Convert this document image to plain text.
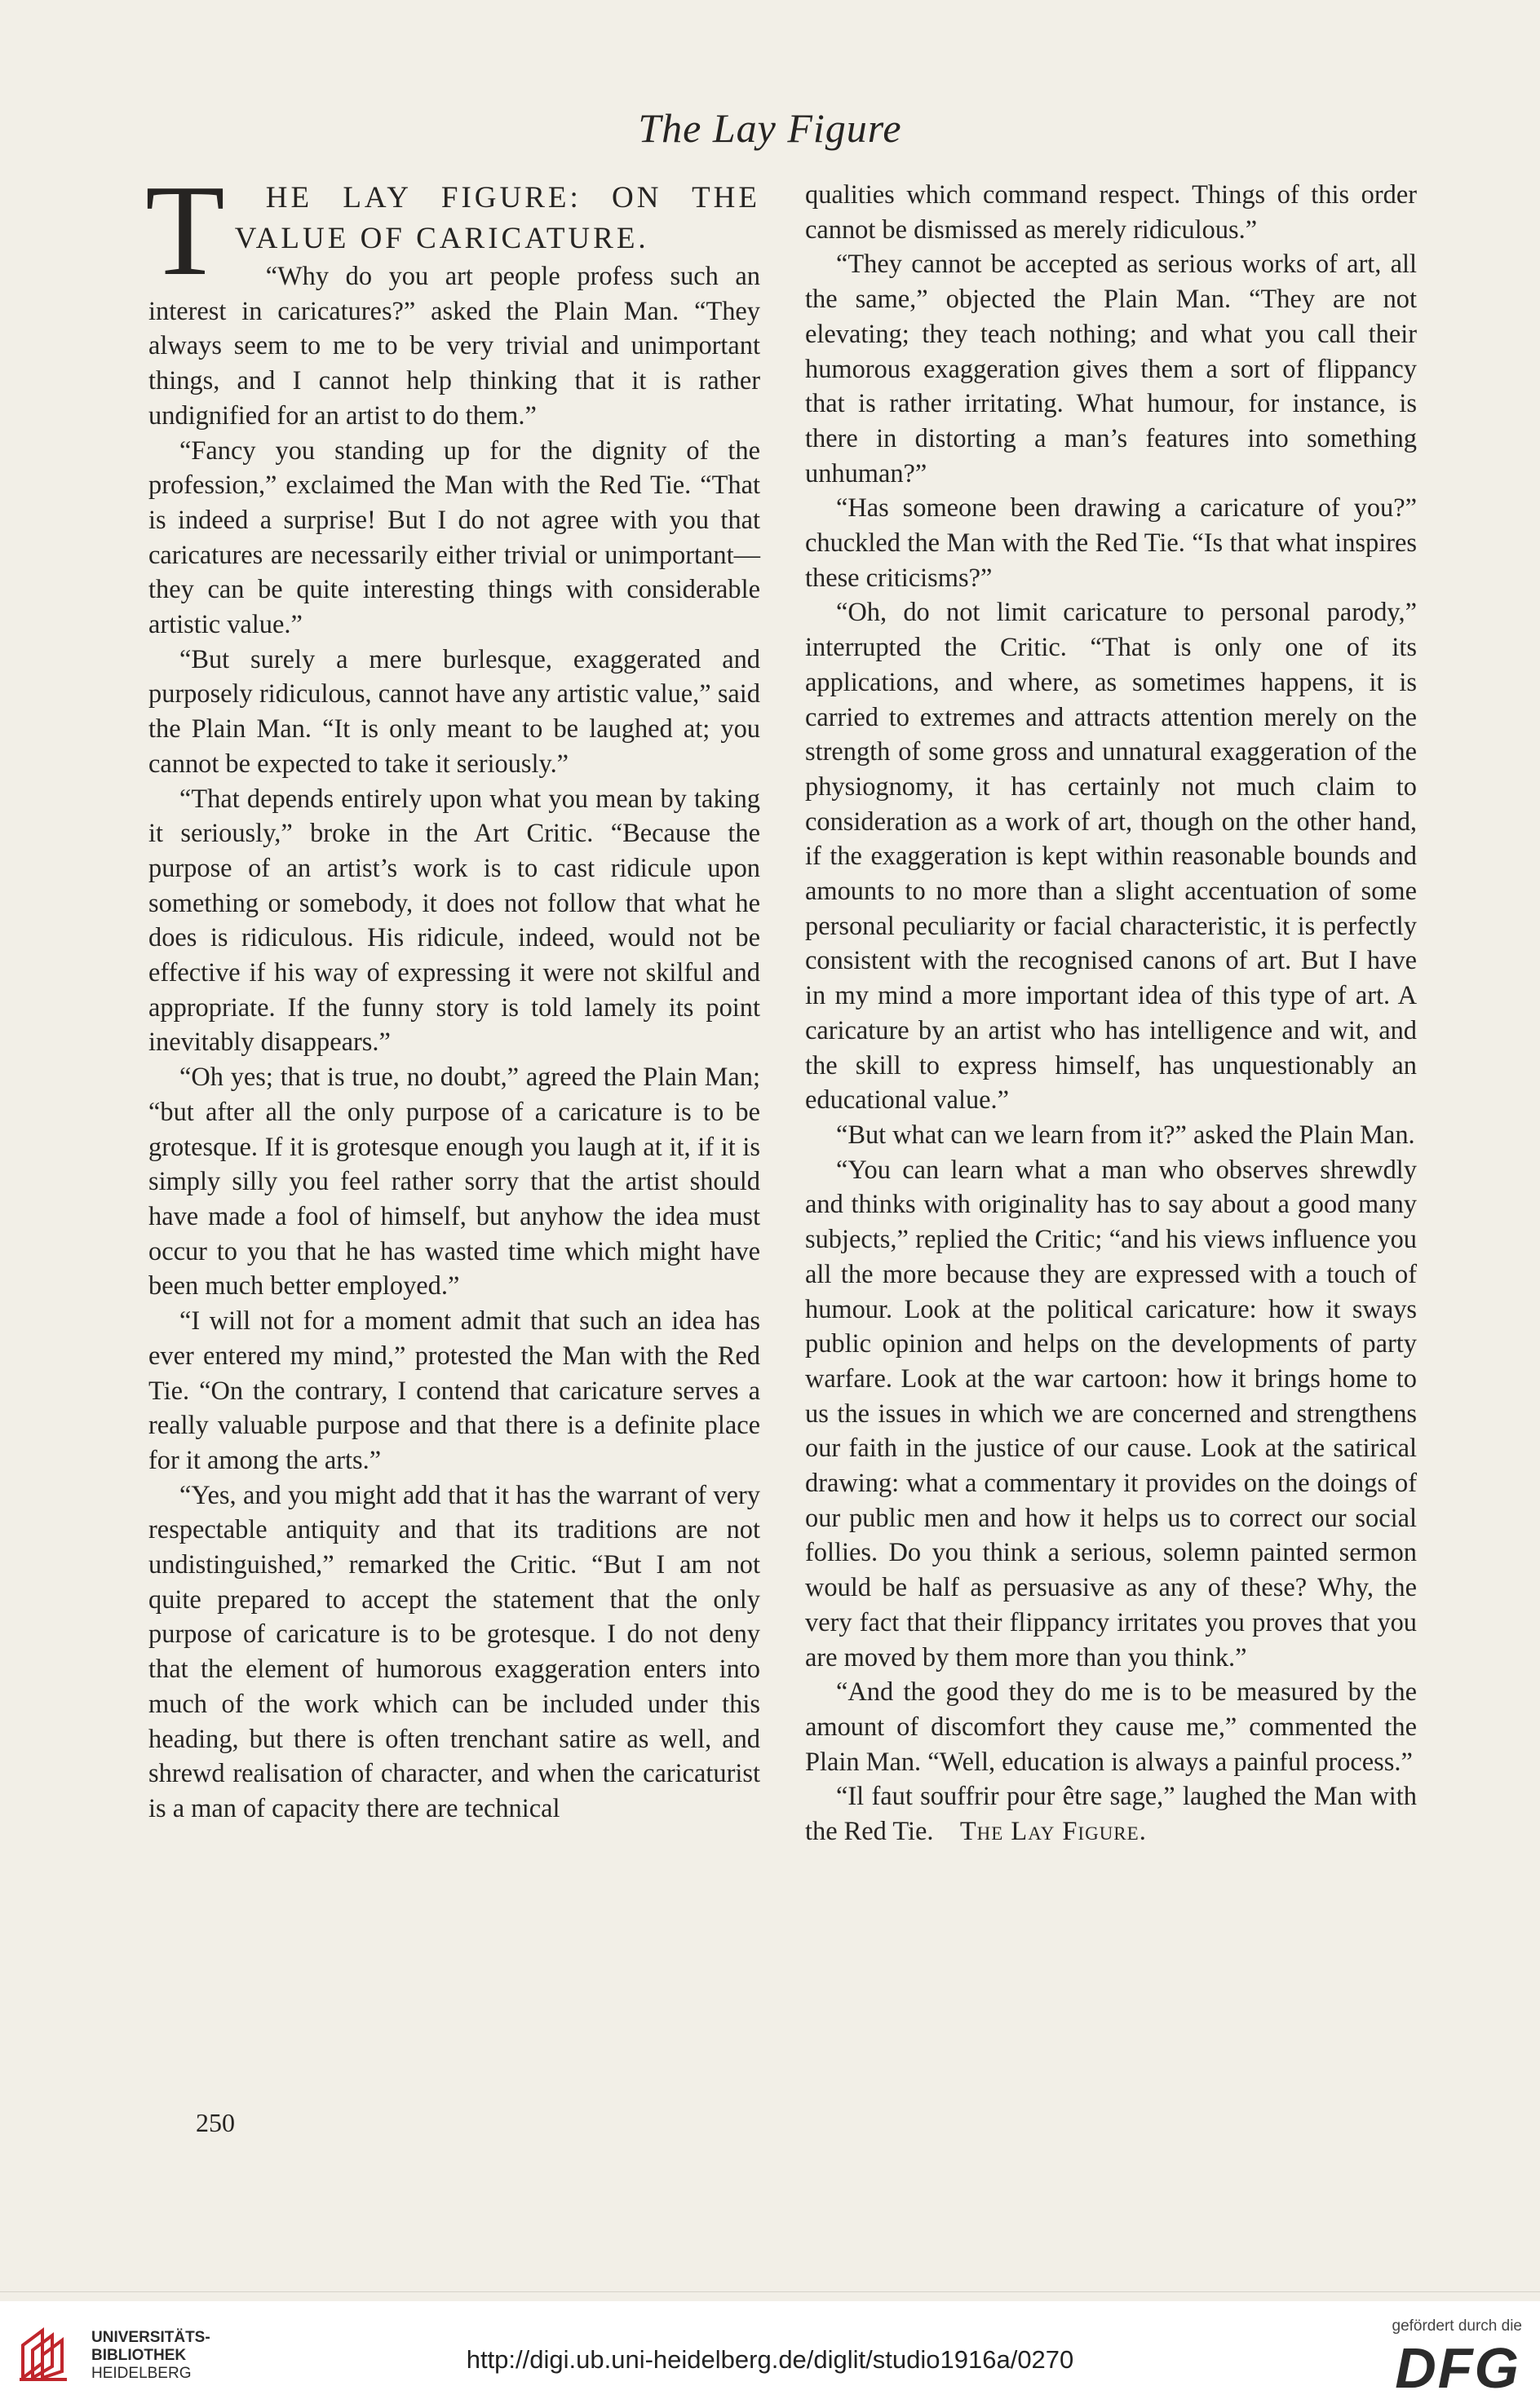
The Lay Figure
T	HE LAY FIGURE: ON THE VALUE OF CARICATURE.

“Why do you art people profess such an interest in caricatures?” asked the Plain Man. “They always seem to me to be very trivial and unimportant things, and I cannot help thinking that it is rather undignified for an artist to do them.”

“Fancy you standing up for the dignity of the profession,” exclaimed the Man with the Red Tie. “That is indeed a surprise! But I do not agree with you that caricatures are necessarily either trivial or unimportant—they can be quite interesting things with considerable artistic value.”

“But surely a mere burlesque, exaggerated and purposely ridiculous, cannot have any artistic value,” said the Plain Man. “It is only meant to be laughed at; you cannot be expected to take it seriously.”

“That depends entirely upon what you mean by taking it seriously,” broke in the Art Critic. “Because the purpose of an artist’s work is to cast ridicule upon something or somebody, it does not follow that what he does is ridiculous. His ridicule, indeed, would not be effective if his way of expressing it were not skilful and appropriate. If the funny story is told lamely its point inevitably disappears.”

“Oh yes; that is true, no doubt,” agreed the Plain Man; “but after all the only purpose of a caricature is to be grotesque. If it is grotesque enough you laugh at it, if it is simply silly you feel rather sorry that the artist should have made a fool of himself, but anyhow the idea must occur to you that he has wasted time which might have been much better employed.”

“I will not for a moment admit that such an idea has ever entered my mind,” protested the Man with the Red Tie. “On the contrary, I contend that caricature serves a really valuable purpose and that there is a definite place for it among the arts.”

“Yes, and you might add that it has the warrant of very respectable antiquity and that its traditions are not undistinguished,” remarked the Critic. “But I am not quite prepared to accept the statement that the only purpose of caricature is to be grotesque. I do not deny that the element of humorous exaggeration enters into much of the work which can be included under this heading, but there is often trenchant satire as well, and shrewd realisation of character, and when the caricaturist is a man of capacity there are technical

qualities which command respect. Things of this order cannot be dismissed as merely ridiculous.”

“They cannot be accepted as serious works of art, all the same,” objected the Plain Man. “They are not elevating; they teach nothing; and what you call their humorous exaggeration gives them a sort of flippancy that is rather irritating. What humour, for instance, is there in distorting a man’s features into something unhuman?”

“Has someone been drawing a caricature of you?” chuckled the Man with the Red Tie. “Is that what inspires these criticisms?”

“Oh, do not limit caricature to personal parody,” interrupted the Critic. “That is only one of its applications, and where, as sometimes happens, it is carried to extremes and attracts attention merely on the strength of some gross and unnatural exaggeration of the physiognomy, it has certainly not much claim to consideration as a work of art, though on the other hand, if the exaggeration is kept within reasonable bounds and amounts to no more than a slight accentuation of some personal peculiarity or facial characteristic, it is perfectly consistent with the recognised canons of art. But I have in my mind a more important idea of this type of art. A caricature by an artist who has intelligence and wit, and the skill to express himself, has unquestionably an educational value.”

“But what can we learn from it?” asked the Plain Man.

“You can learn what a man who observes shrewdly and thinks with originality has to say about a good many subjects,” replied the Critic; “and his views influence you all the more because they are expressed with a touch of humour. Look at the political caricature: how it sways public opinion and helps on the developments of party warfare. Look at the war cartoon: how it brings home to us the issues in which we are concerned and strengthens our faith in the justice of our cause. Look at the satirical drawing: what a commentary it provides on the doings of our public men and how it helps us to correct our social follies. Do you think a serious, solemn painted sermon would be half as persuasive as any of these? Why, the very fact that their flippancy irritates you proves that you are moved by them more than you think.”

“And the good they do me is to be measured by the amount of discomfort they cause me,” commented the Plain Man. “Well, education is always a painful process.”

“Il faut souffrir pour être sage,” laughed the Man with the Red Tie. The Lay Figure.

250
UNIVERSITÄTS-
BIBLIOTHEK
HEIDELBERG	http://digi.ub.uni-heidelberg.de/diglit/studio1916a/0270
gefördert durch die
DFG
